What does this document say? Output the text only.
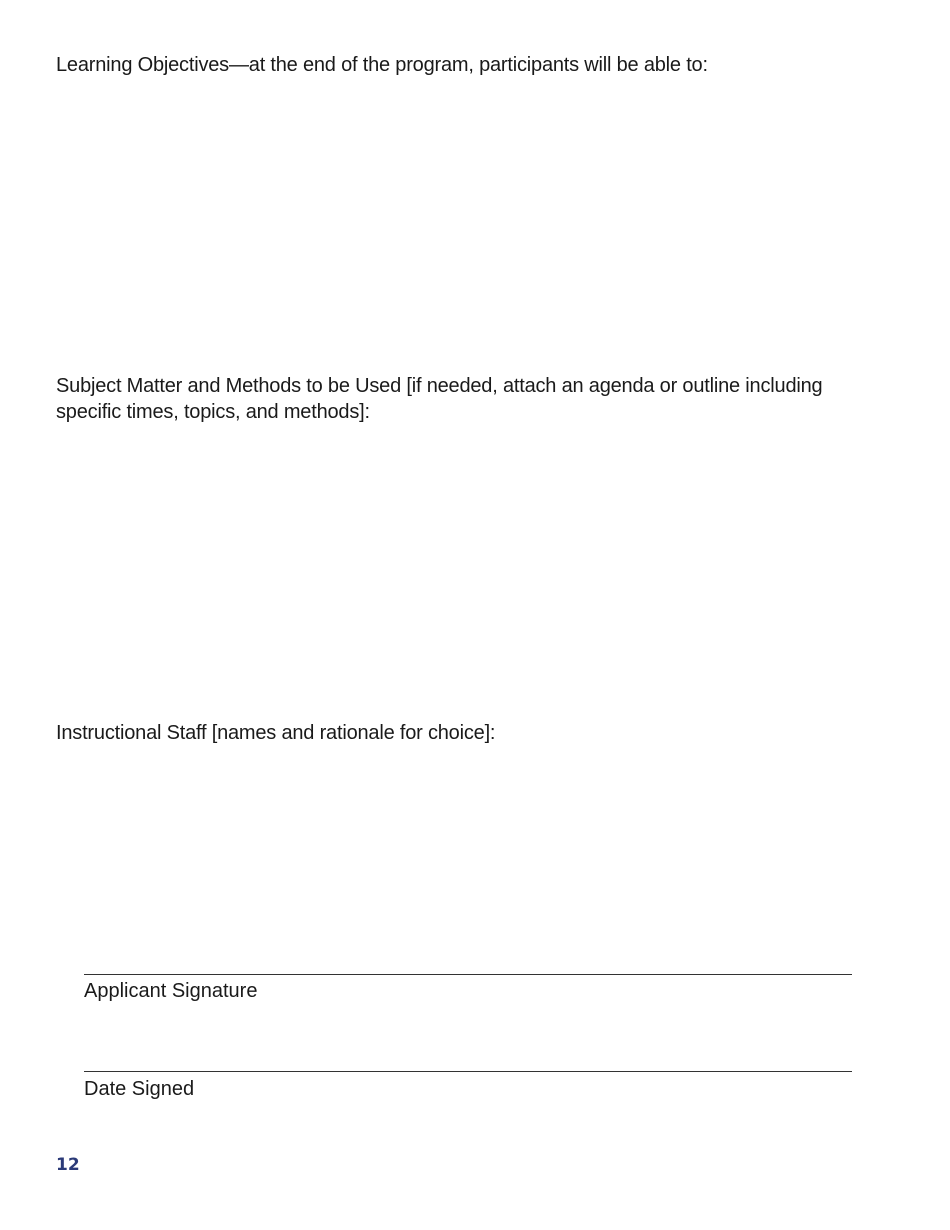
Learning Objectives—at the end of the program, participants will be able to:

Subject Matter and Methods to be Used [if needed, attach an agenda or outline including specific times, topics, and methods]:

Instructional Staff [names and rationale for choice]:

Applicant Signature

Date Signed

12
